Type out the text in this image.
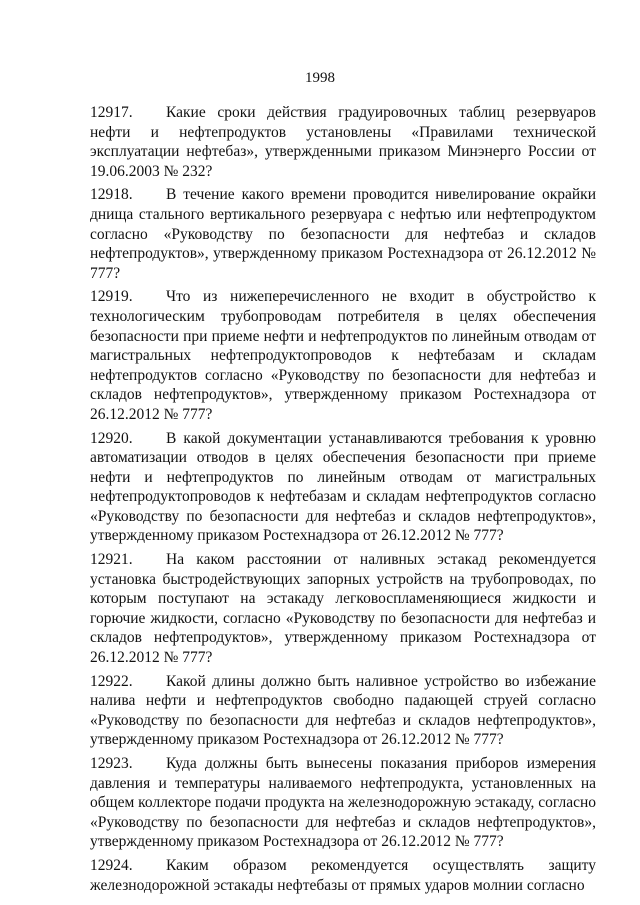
1998

12917. Какие сроки действия градуировочных таблиц резервуаров нефти и нефтепродуктов установлены «Правилами технической эксплуатации нефтебаз», утвержденными приказом Минэнерго России от 19.06.2003 № 232?

12918. В течение какого времени проводится нивелирование окрайки днища стального вертикального резервуара с нефтью или нефтепродуктом согласно «Руководству по безопасности для нефтебаз и складов нефтепродуктов», утвержденному приказом Ростехнадзора от 26.12.2012 № 777?

12919. Что из нижеперечисленного не входит в обустройство к технологическим трубопроводам потребителя в целях обеспечения безопасности при приеме нефти и нефтепродуктов по линейным отводам от магистральных нефтепродуктопроводов к нефтебазам и складам нефтепродуктов согласно «Руководству по безопасности для нефтебаз и складов нефтепродуктов», утвержденному приказом Ростехнадзора от 26.12.2012 № 777?

12920. В какой документации устанавливаются требования к уровню автоматизации отводов в целях обеспечения безопасности при приеме нефти и нефтепродуктов по линейным отводам от магистральных нефтепродуктопроводов к нефтебазам и складам нефтепродуктов согласно «Руководству по безопасности для нефтебаз и складов нефтепродуктов», утвержденному приказом Ростехнадзора от 26.12.2012 № 777?

12921. На каком расстоянии от наливных эстакад рекомендуется установка быстродействующих запорных устройств на трубопроводах, по которым поступают на эстакаду легковоспламеняющиеся жидкости и горючие жидкости, согласно «Руководству по безопасности для нефтебаз и складов нефтепродуктов», утвержденному приказом Ростехнадзора от 26.12.2012 № 777?

12922. Какой длины должно быть наливное устройство во избежание налива нефти и нефтепродуктов свободно падающей струей согласно «Руководству по безопасности для нефтебаз и складов нефтепродуктов», утвержденному приказом Ростехнадзора от 26.12.2012 № 777?

12923. Куда должны быть вынесены показания приборов измерения давления и температуры наливаемого нефтепродукта, установленных на общем коллекторе подачи продукта на железнодорожную эстакаду, согласно «Руководству по безопасности для нефтебаз и складов нефтепродуктов», утвержденному приказом Ростехнадзора от 26.12.2012 № 777?

12924. Каким образом рекомендуется осуществлять защиту железнодорожной эстакады нефтебазы от прямых ударов молнии согласно
